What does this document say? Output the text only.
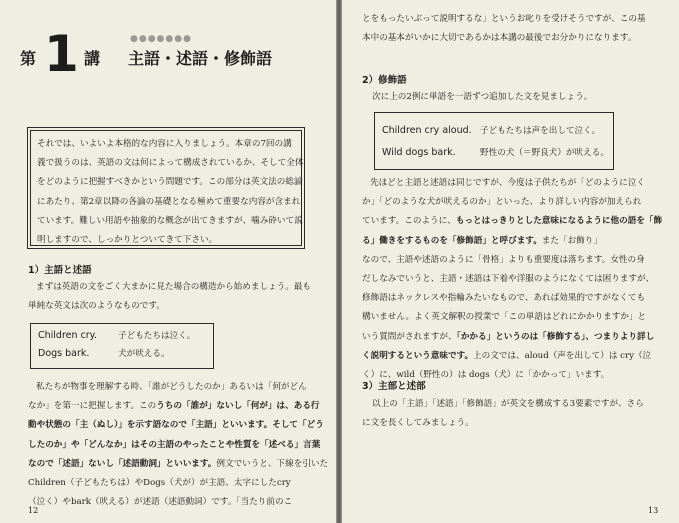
第 1 講
●●●●●●●
主語・述語・修飾語
それでは、いよいよ本格的な内容に入りましょう。本章の7回の講
義で扱うのは、英語の文は何によって構成されているか、そして全体
をどのように把握すべきかという問題です。この部分は英文法の総論
にあたり、第2章以降の各論の基礎となる極めて重要な内容が含まれ
ています。難しい用語や抽象的な概念が出てきますが、噛み砕いて説
明しますので、しっかりとついてきて下さい。
1）主語と述語
まずは英語の文をごく大まかに見た場合の構造から始めましょう。最も
単純な英文は次のようなものです。
Children cry. 子どもたちは泣く。
Dogs bark.	犬が吠える。
私たちが物事を理解する時、「誰がどうしたのか」あるいは「何がどん
なか」を第一に把握します。このうちの「誰が」ないし「何が」は、ある行
動や状態の「主（ぬし）」を示す語なので「主語」といいます。そして「どう
したのか」や「どんなか」はその主語のやったことや性質を「述べる」言葉
なので「述語」ないし「述語動詞」といいます。例文でいうと、下線を引いた
Children（子どもたちは）やDogs（犬が）が主語、太字にしたcry
（泣く）やbark（吠える）が述語（述語動詞）です。「当たり前のこ
12
とをもったいぶって説明するな」というお叱りを受けそうですが、この基
本中の基本がいかに大切であるかは本講の最後でお分かりになります。
2）修飾語
次に上の2例に単語を一語ずつ追加した文を見ましょう。
Children cry aloud. 子どもたちは声を出して泣く。
Wild dogs bark.	野性の犬（＝野良犬）が吠える。
先ほどと主語と述語は同じですが、今度は子供たちが「どのように泣く
か」「どのような犬が吠えるのか」といった、より詳しい内容が加えられ
ています。このように、もっとはっきりとした意味になるように他の語を「飾
る」働きをするものを「修飾語」と呼びます。また「お飾り」
なので、主語や述語のように「骨格」よりも重要度は落ちます。女性の身
だしなみでいうと、主語・述語は下着や洋服のようになくては困りますが、
修飾語はネックレスや指輪みたいなもので、あれば効果的ですがなくても
構いません。よく英文解釈の授業で「この単語はどれにかかりますか」と
いう質問がされますが、「かかる」というのは「修飾する」、つまりより詳し
く説明するという意味です。上の文では、aloud（声を出して）は cry（泣
く）に、wild（野性の）は dogs（犬）に「かかって」います。
3）主部と述部
以上の「主語」「述語」「修飾語」が英文を構成する3要素ですが、さら
に文を長くしてみましょう。
13
